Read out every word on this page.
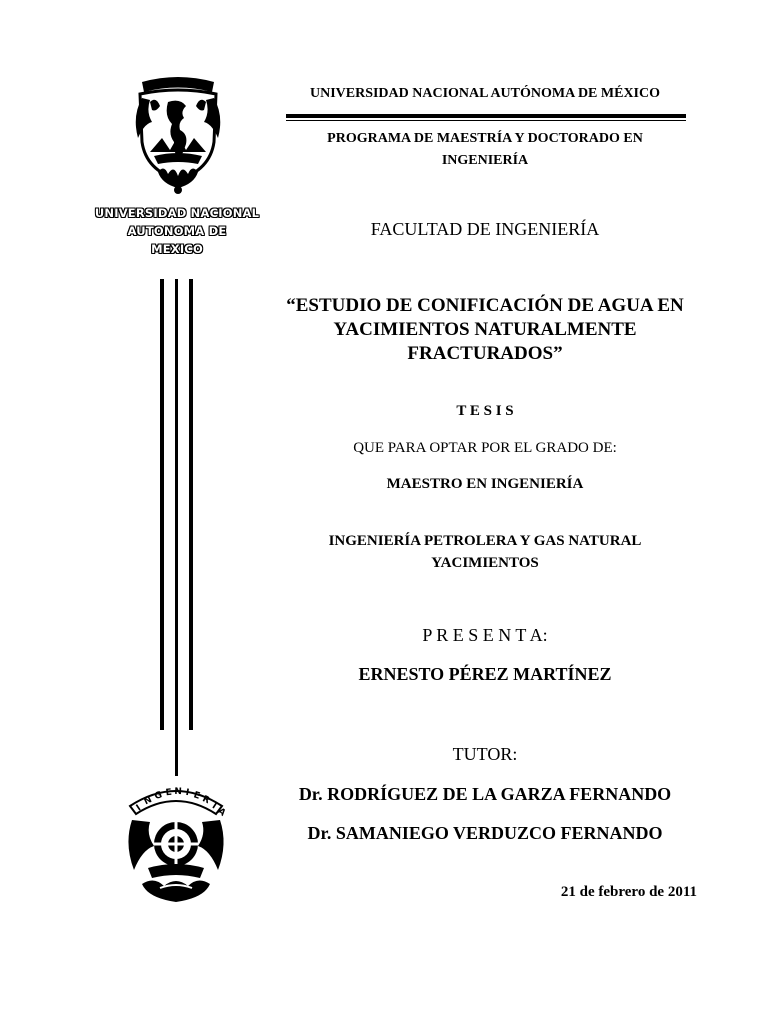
UNIVERSIDAD NACIONAL
AUTONOMA DE
MEXICO
I
N G E N I E R
I
A
UNIVERSIDAD NACIONAL AUTÓNOMA DE MÉXICO
PROGRAMA DE MAESTRÍA Y DOCTORADO EN
INGENIERÍA
FACULTAD DE INGENIERÍA
“ESTUDIO DE CONIFICACIÓN DE AGUA EN
YACIMIENTOS NATURALMENTE
FRACTURADOS”
T E S I S
QUE PARA OPTAR POR EL GRADO DE:
MAESTRO EN INGENIERÍA
INGENIERÍA PETROLERA Y GAS NATURAL
YACIMIENTOS
P R E S E N T A:
ERNESTO PÉREZ MARTÍNEZ
TUTOR:
Dr. RODRÍGUEZ DE LA GARZA FERNANDO
Dr. SAMANIEGO VERDUZCO FERNANDO
21 de febrero de 2011
